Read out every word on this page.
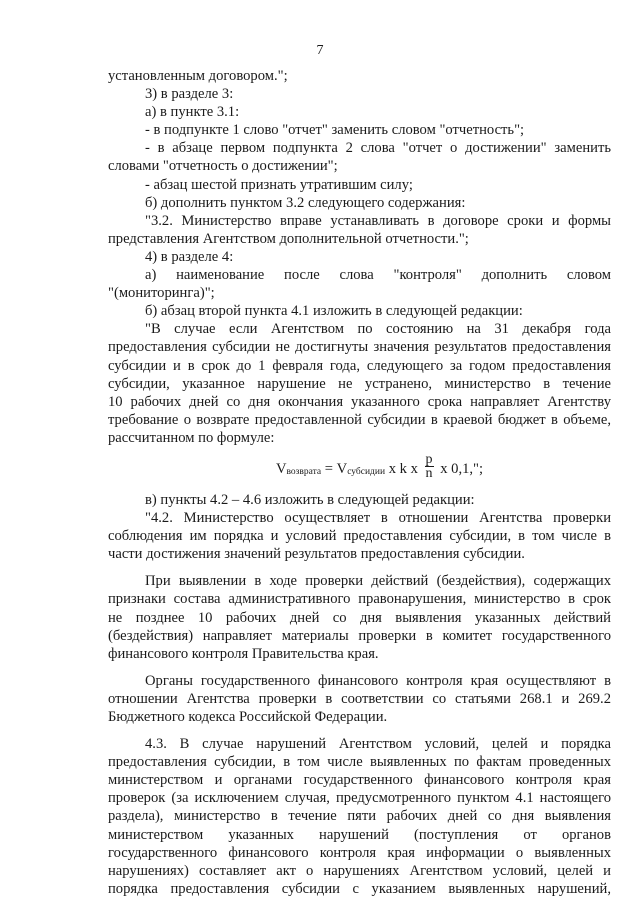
7
установленным договором.";
3) в разделе 3:
а) в пункте 3.1:
- в подпункте 1 слово "отчет" заменить словом "отчетность";
- в абзаце первом подпункта 2 слова "отчет о достижении" заменить
словами "отчетность о достижении";
- абзац шестой признать утратившим силу;
б) дополнить пунктом 3.2 следующего содержания:
"3.2. Министерство вправе устанавливать в договоре сроки и формы
представления Агентством дополнительной отчетности.";
4) в разделе 4:
а) наименование после слова "контроля" дополнить словом
"(мониторинга)";
б) абзац второй пункта 4.1 изложить в следующей редакции:
"В случае если Агентством по состоянию на 31 декабря года
предоставления субсидии не достигнуты значения результатов предоставления
субсидии и в срок до 1 февраля года, следующего за годом предоставления
субсидии, указанное нарушение не устранено, министерство в течение
10 рабочих дней со дня окончания указанного срока направляет Агентству
требование о возврате предоставленной субсидии в краевой бюджет в объеме,
рассчитанном по формуле:
V возврата = V субсидии x k x $\frac{p}{n}$ x 0,1,";
в) пункты 4.2 – 4.6 изложить в следующей редакции:
"4.2. Министерство осуществляет в отношении Агентства проверки
соблюдения им порядка и условий предоставления субсидии, в том числе в
части достижения значений результатов предоставления субсидии.
При выявлении в ходе проверки действий (бездействия), содержащих
признаки состава административного правонарушения, министерство в срок
не позднее 10 рабочих дней со дня выявления указанных действий
(бездействия) направляет материалы проверки в комитет государственного
финансового контроля Правительства края.
Органы государственного финансового контроля края осуществляют в
отношении Агентства проверки в соответствии со статьями 268.1 и 269.2
Бюджетного кодекса Российской Федерации.
4.3. В случае нарушений Агентством условий, целей и порядка
предоставления субсидии, в том числе выявленных по фактам проведенных
министерством и органами государственного финансового контроля края
проверок (за исключением случая, предусмотренного пунктом 4.1 настоящего
раздела), министерство в течение пяти рабочих дней со дня выявления
министерством указанных нарушений (поступления от органов
государственного финансового контроля края информации о выявленных
нарушениях) составляет акт о нарушениях Агентством условий, целей и
порядка предоставления субсидии с указанием выявленных нарушений,
